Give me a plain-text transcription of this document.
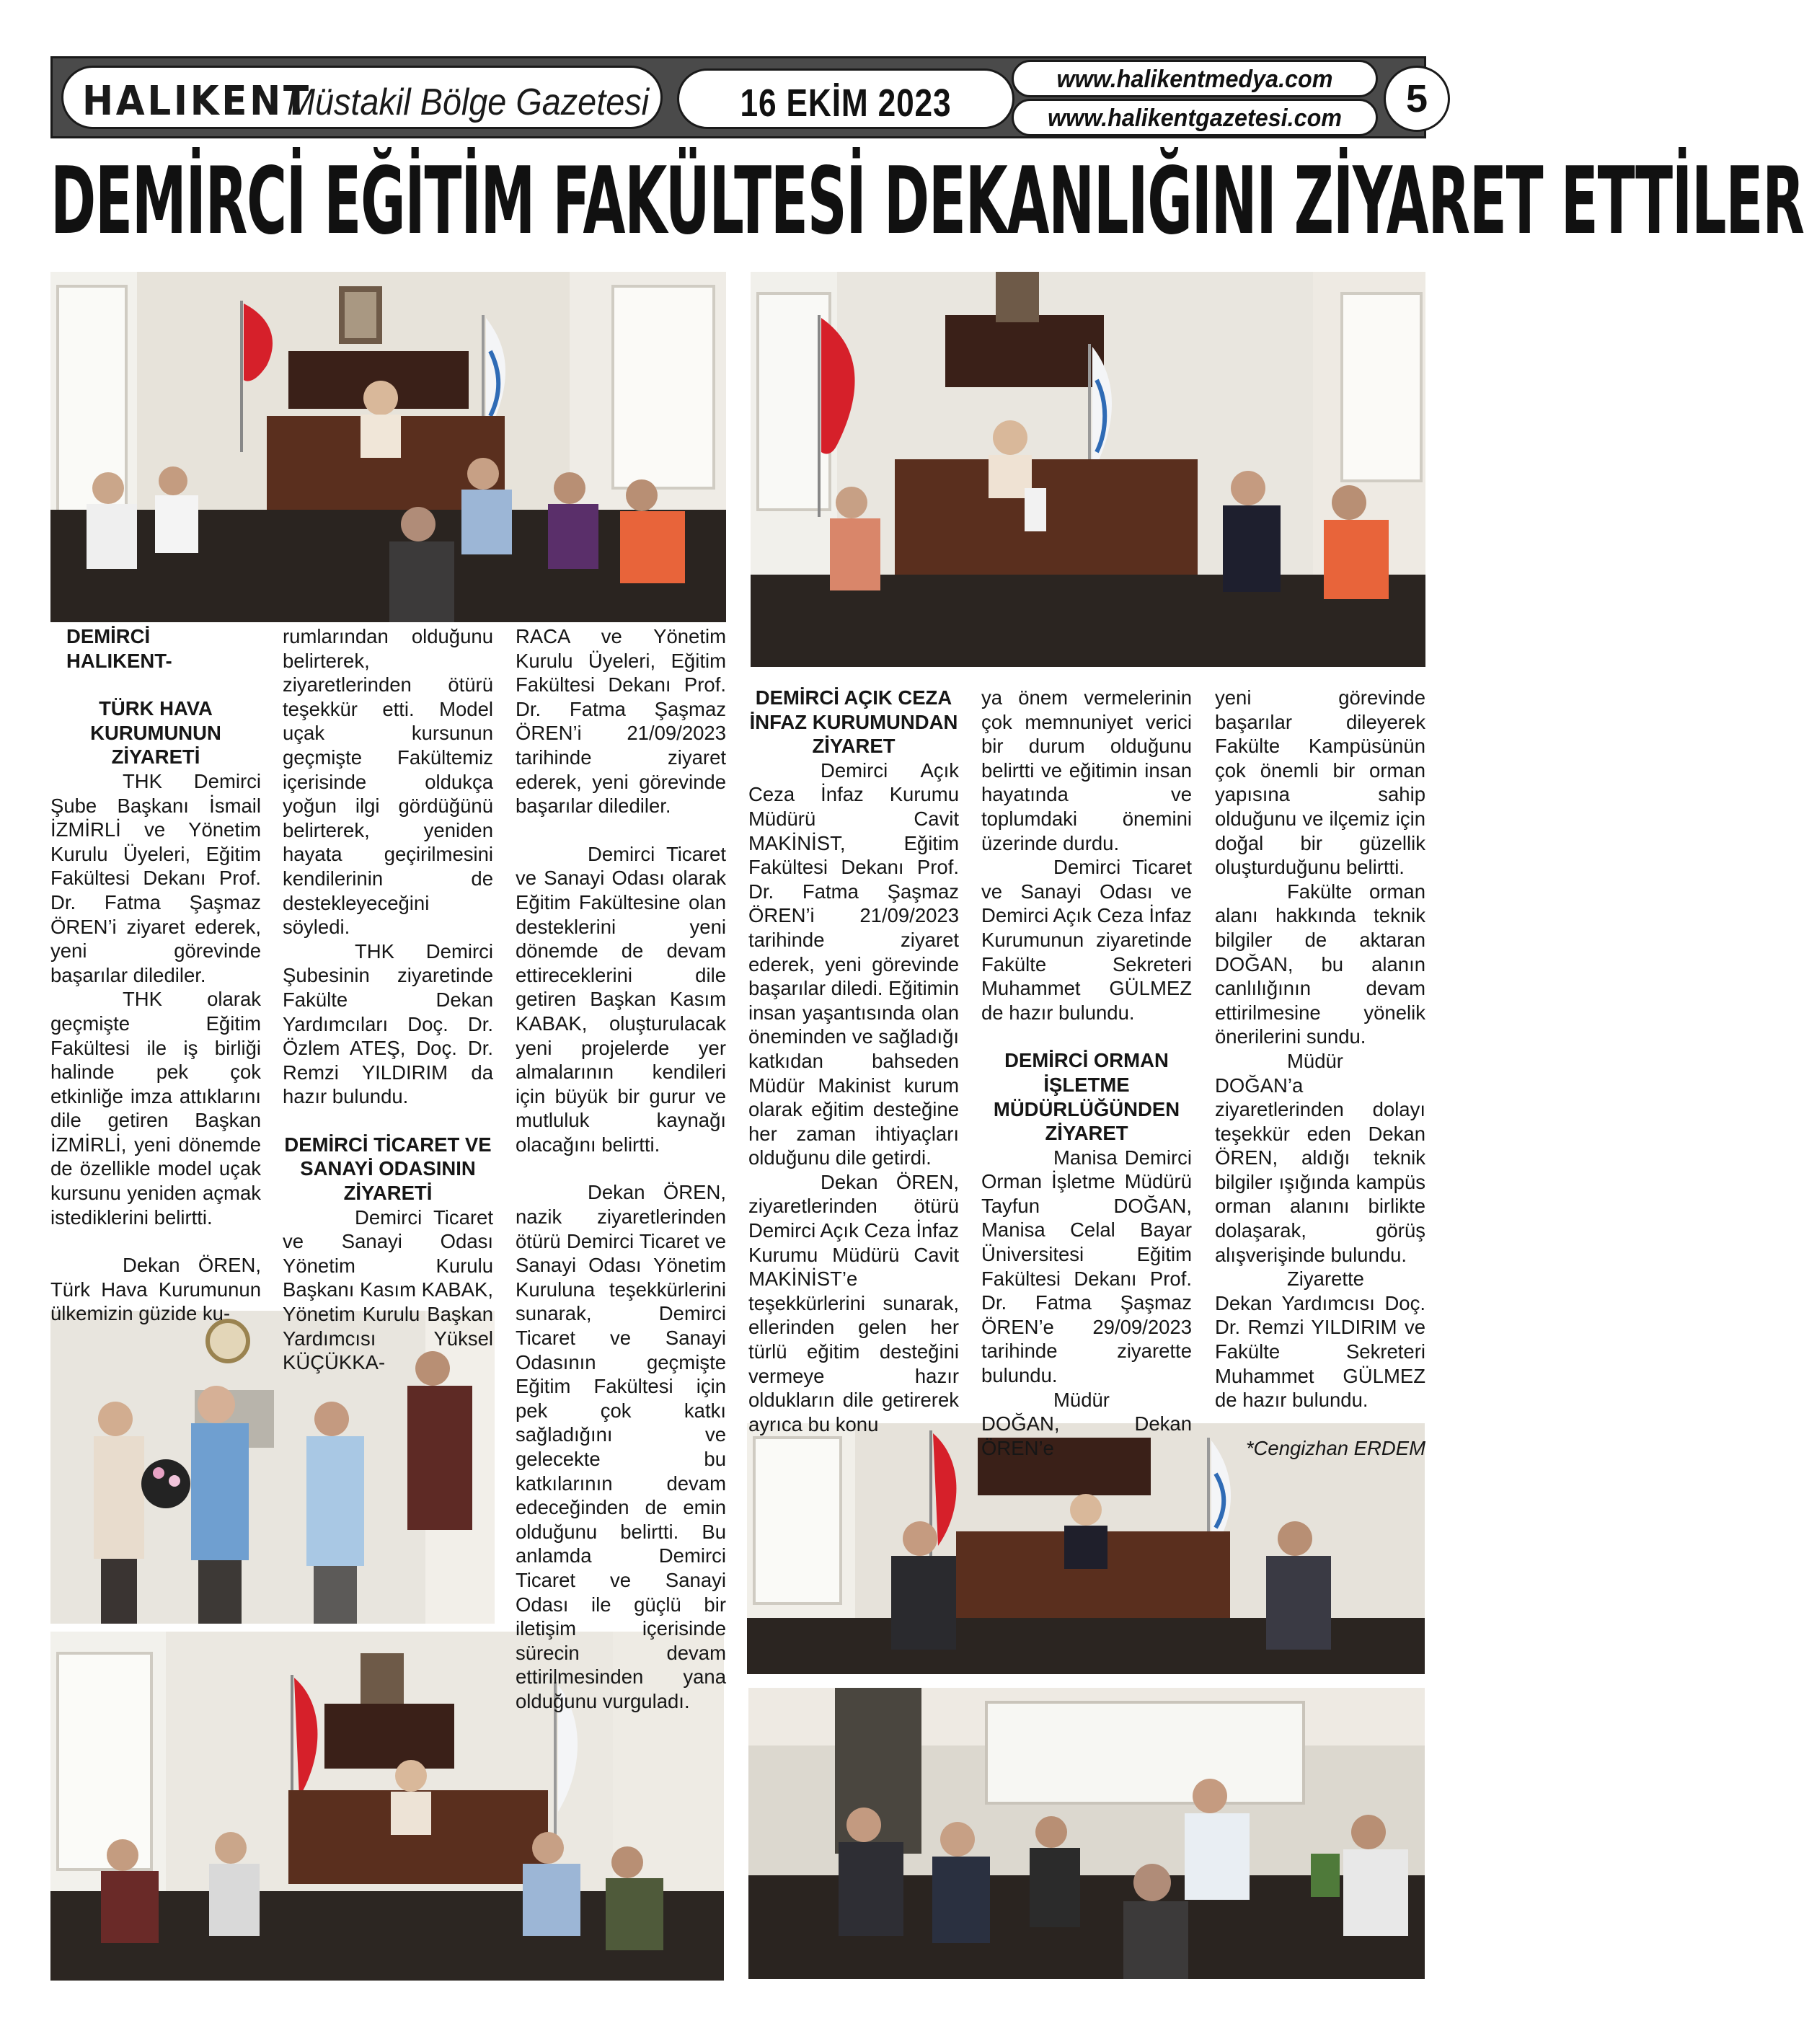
HALIKENT
Müstakil Bölge Gazetesi	16 EKİM 2023
www.halikentmedya.com
www.halikentgazetesi.com	5
DEMİRCİ EĞİTİM FAKÜLTESİ DEKANLIĞINI ZİYARET ETTİLER
DEMİRCİ HALIKENT-
TÜRK HAVA KURUMUNUN ZİYARETİ

THK Demirci Şube Başkanı İsmail İZMİRLİ ve Yönetim Kurulu Üyeleri, Eğitim Fakültesi Dekanı Prof. Dr. Fatma Şaşmaz ÖREN’i ziyaret ederek, yeni görevinde başarılar dilediler.

THK olarak geçmişte Eğitim Fakültesi ile iş birliği halinde pek çok etkinliğe imza attıklarını dile getiren Başkan İZMİRLİ, yeni dönemde de özellikle model uçak kursunu yeniden açmak istediklerini belirtti.

Dekan ÖREN, Türk Hava Kurumunun ülkemizin güzide ku-

rumlarından olduğunu belirterek, ziyaretlerinden ötürü teşekkür etti. Model uçak kursunun geçmişte Fakültemiz içerisinde oldukça yoğun ilgi gördüğünü belirterek, yeniden hayata geçirilmesini kendilerinin de destekleyeceğini söyledi.

THK Demirci Şubesinin ziyaretinde Fakülte Dekan Yardımcıları Doç. Dr. Özlem ATEŞ, Doç. Dr. Remzi YILDIRIM da hazır bulundu.

DEMİRCİ TİCARET VE SANAYİ ODASININ ZİYARETİ

Demirci Ticaret ve Sanayi Odası Yönetim Kurulu Başkanı Kasım KABAK, Yönetim Kurulu Başkan Yardımcısı Yüksel KÜÇÜKKA-

RACA ve Yönetim Kurulu Üyeleri, Eğitim Fakültesi Dekanı Prof. Dr. Fatma Şaşmaz ÖREN’i 21/09/2023 tarihinde ziyaret ederek, yeni görevinde başarılar dilediler.

Demirci Ticaret ve Sanayi Odası olarak Eğitim Fakültesine olan desteklerini yeni dönemde de devam ettireceklerini dile getiren Başkan Kasım KABAK, oluşturulacak yeni projelerde yer almalarının kendileri için büyük bir gurur ve mutluluk kaynağı olacağını belirtti.

Dekan ÖREN, nazik ziyaretlerinden ötürü Demirci Ticaret ve Sanayi Odası Yönetim Kuruluna teşekkürlerini sunarak, Demirci Ticaret ve Sanayi Odasının geçmişte Eğitim Fakültesi için pek çok katkı sağladığını ve gelecekte bu katkılarının devam edeceğinden de emin olduğunu belirtti. Bu anlamda Demirci Ticaret ve Sanayi Odası ile güçlü bir iletişim içerisinde sürecin devam ettirilmesinden yana olduğunu vurguladı.

DEMİRCİ AÇIK CEZA İNFAZ KURUMUNDAN ZİYARET

Demirci Açık Ceza İnfaz Kurumu Müdürü Cavit MAKİNİST, Eğitim Fakültesi Dekanı Prof. Dr. Fatma Şaşmaz ÖREN’i 21/09/2023 tarihinde ziyaret ederek, yeni görevinde başarılar diledi. Eğitimin insan yaşantısında olan öneminden ve sağladığı katkıdan bahseden Müdür Makinist kurum olarak eğitim desteğine her zaman ihtiyaçları olduğunu dile getirdi.

Dekan ÖREN, ziyaretlerinden ötürü Demirci Açık Ceza İnfaz Kurumu Müdürü Cavit MAKİNİST’e teşekkürlerini sunarak, ellerinden gelen her türlü eğitim desteğini vermeye hazır oldukların dile getirerek ayrıca bu konu

ya önem vermelerinin çok memnuniyet verici bir durum olduğunu belirtti ve eğitimin insan hayatında ve toplumdaki önemini üzerinde durdu.

Demirci Ticaret ve Sanayi Odası ve Demirci Açık Ceza İnfaz Kurumunun ziyaretinde Fakülte Sekreteri Muhammet GÜLMEZ de hazır bulundu.

DEMİRCİ ORMAN İŞLETME MÜDÜRLÜĞÜNDEN ZİYARET

Manisa Demirci Orman İşletme Müdürü Tayfun DOĞAN, Manisa Celal Bayar Üniversitesi Eğitim Fakültesi Dekanı Prof. Dr. Fatma Şaşmaz ÖREN’e 29/09/2023 tarihinde ziyarette bulundu.

Müdür DOĞAN, Dekan ÖREN’e

yeni görevinde başarılar dileyerek Fakülte Kampüsünün çok önemli bir orman yapısına sahip olduğunu ve ilçemiz için doğal bir güzellik oluşturduğunu belirtti.

Fakülte orman alanı hakkında teknik bilgiler de aktaran DOĞAN, bu alanın canlılığının devam ettirilmesine yönelik önerilerini sundu.

Müdür DOĞAN’a ziyaretlerinden dolayı teşekkür eden Dekan ÖREN, aldığı teknik bilgiler ışığında kampüs orman alanını birlikte dolaşarak, görüş alışverişinde bulundu.

Ziyarette Dekan Yardımcısı Doç. Dr. Remzi YILDIRIM ve Fakülte Sekreteri Muhammet GÜLMEZ de hazır bulundu.

*Cengizhan ERDEM
